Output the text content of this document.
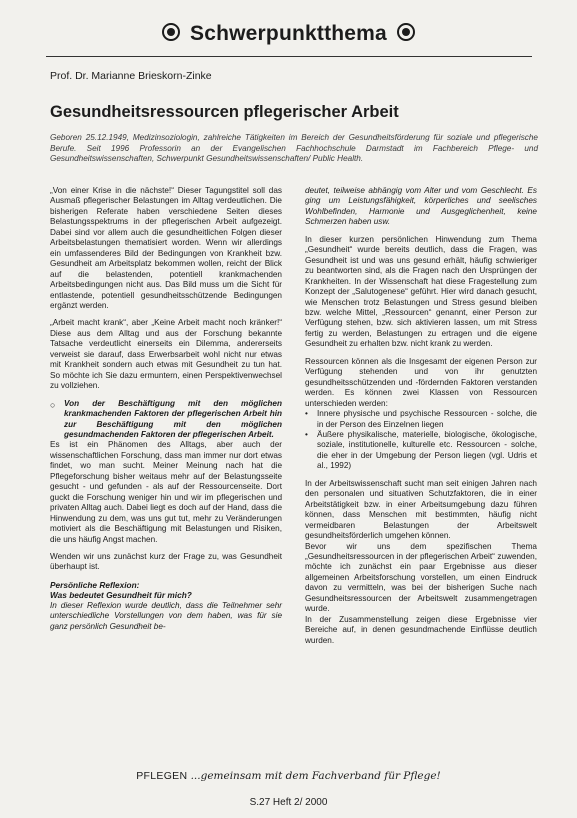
Schwerpunktthema
Prof. Dr. Marianne Brieskorn-Zinke
Gesundheitsressourcen pflegerischer Arbeit
Geboren 25.12.1949, Medizinsoziologin, zahlreiche Tätigkeiten im Bereich der Gesundheitsförderung für soziale und pflegerische Berufe. Seit 1996 Professorin an der Evangelischen Fachhochschule Darmstadt im Fachbereich Pflege- und Gesundheitswissenschaften, Schwerpunkt Gesundheitswissenschaften/ Public Health.

„Von einer Krise in die nächste!“ Dieser Tagungstitel soll das Ausmaß pflegerischer Belastungen im Alltag verdeutlichen. Die bisherigen Referate haben verschiedene Seiten dieses Belastungsspektrums in der pflegerischen Arbeit aufgezeigt. Dabei sind vor allem auch die gesundheitlichen Folgen dieser Arbeitsbelastungen thematisiert worden. Wenn wir allerdings ein umfassenderes Bild der Bedingungen von Krankheit bzw. Gesundheit am Arbeitsplatz bekommen wollen, reicht der Blick auf die belastenden, potentiell krankmachenden Arbeitsbedingungen nicht aus. Das Bild muss um die Sicht für entlastende, potentiell gesundheitsschützende Bedingungen ergänzt werden.

„Arbeit macht krank“, aber „Keine Arbeit macht noch kränker!“ Diese aus dem Alltag und aus der Forschung bekannte Tatsache verdeutlicht einerseits ein Dilemma, andererseits verweist sie darauf, dass Erwerbsarbeit wohl nicht nur etwas mit Krankheit sondern auch etwas mit Gesundheit zu tun hat. So möchte ich Sie dazu ermuntern, einen Perspektivenwechsel zu vollziehen.

○ Von der Beschäftigung mit den möglichen krankmachenden Faktoren der pflegerischen Arbeit hin zur Beschäftigung mit den möglichen gesundmachenden Faktoren der pflegerischen Arbeit.

Es ist ein Phänomen des Alltags, aber auch der wissenschaftlichen Forschung, dass man immer nur dort etwas findet, wo man sucht. Meiner Meinung nach hat die Pflegeforschung bisher weitaus mehr auf der Belastungsseite gesucht - und gefunden - als auf der Ressourcenseite. Dort guckt die Forschung weniger hin und wir im pflegerischen und privaten Alltag auch. Dabei liegt es doch auf der Hand, dass die Hinwendung zu dem, was uns gut tut, mehr zu Veränderungen motiviert als die Beschäftigung mit Belastungen und Risiken, die uns häufig Angst machen.

Wenden wir uns zunächst kurz der Frage zu, was Gesundheit überhaupt ist.

Persönliche Reflexion:
Was bedeutet Gesundheit für mich?

In dieser Reflexion wurde deutlich, dass die Teilnehmer sehr unterschiedliche Vorstellungen von dem haben, was für sie ganz persönlich Gesundheit be-

deutet, teilweise abhängig vom Alter und vom Geschlecht. Es ging um Leistungsfähigkeit, körperliches und seelisches Wohlbefinden, Harmonie und Ausgeglichenheit, keine Schmerzen haben usw.

In dieser kurzen persönlichen Hinwendung zum Thema „Gesundheit“ wurde bereits deutlich, dass die Fragen, was Gesundheit ist und was uns gesund erhält, häufig schwieriger zu beantworten sind, als die Fragen nach den Ursprüngen der Krankheiten. In der Wissenschaft hat diese Fragestellung zum Konzept der „Salutogenese“ geführt. Hier wird danach gesucht, wie Menschen trotz Belastungen und Stress gesund bleiben bzw. welche Mittel, „Ressourcen“ genannt, einer Person zur Verfügung stehen, bzw. sich aktivieren lassen, um mit Stress fertig zu werden, Belastungen zu ertragen und die eigene Gesundheit zu erhalten bzw. nicht krank zu werden.

Ressourcen können als die Insgesamt der eigenen Person zur Verfügung stehenden und von ihr genutzten gesundheitsschützenden und -fördernden Faktoren verstanden werden. Es können zwei Klassen von Ressourcen unterschieden werden:

• Innere physische und psychische Ressourcen - solche, die in der Person des Einzelnen liegen
• Äußere physikalische, materielle, biologische, ökologische, soziale, institutionelle, kulturelle etc. Ressourcen - solche, die eher in der Umgebung der Person liegen (vgl. Udris et al., 1992)

In der Arbeitswissenschaft sucht man seit einigen Jahren nach den personalen und situativen Schutzfaktoren, die in einer Arbeitstätigkeit bzw. in einer Arbeitsumgebung dazu führen können, dass Menschen mit bestimmten, häufig nicht vermeidbaren Belastungen der Arbeitswelt gesundheitsförderlich umgehen können.

Bevor wir uns dem spezifischen Thema „Gesundheitsressourcen in der pflegerischen Arbeit“ zuwenden, möchte ich zunächst ein paar Ergebnisse aus dieser allgemeinen Arbeitsforschung vorstellen, um einen Eindruck davon zu vermitteln, was bei der bisherigen Suche nach Gesundheitsressourcen der Arbeitswelt zusammengetragen wurde.

In der Zusammenstellung zeigen diese Ergebnisse vier Bereiche auf, in denen gesundmachende Einflüsse deutlich wurden.

PFLEGEN ...gemeinsam mit dem Fachverband für Pflege!
S.27 Heft 2/ 2000
